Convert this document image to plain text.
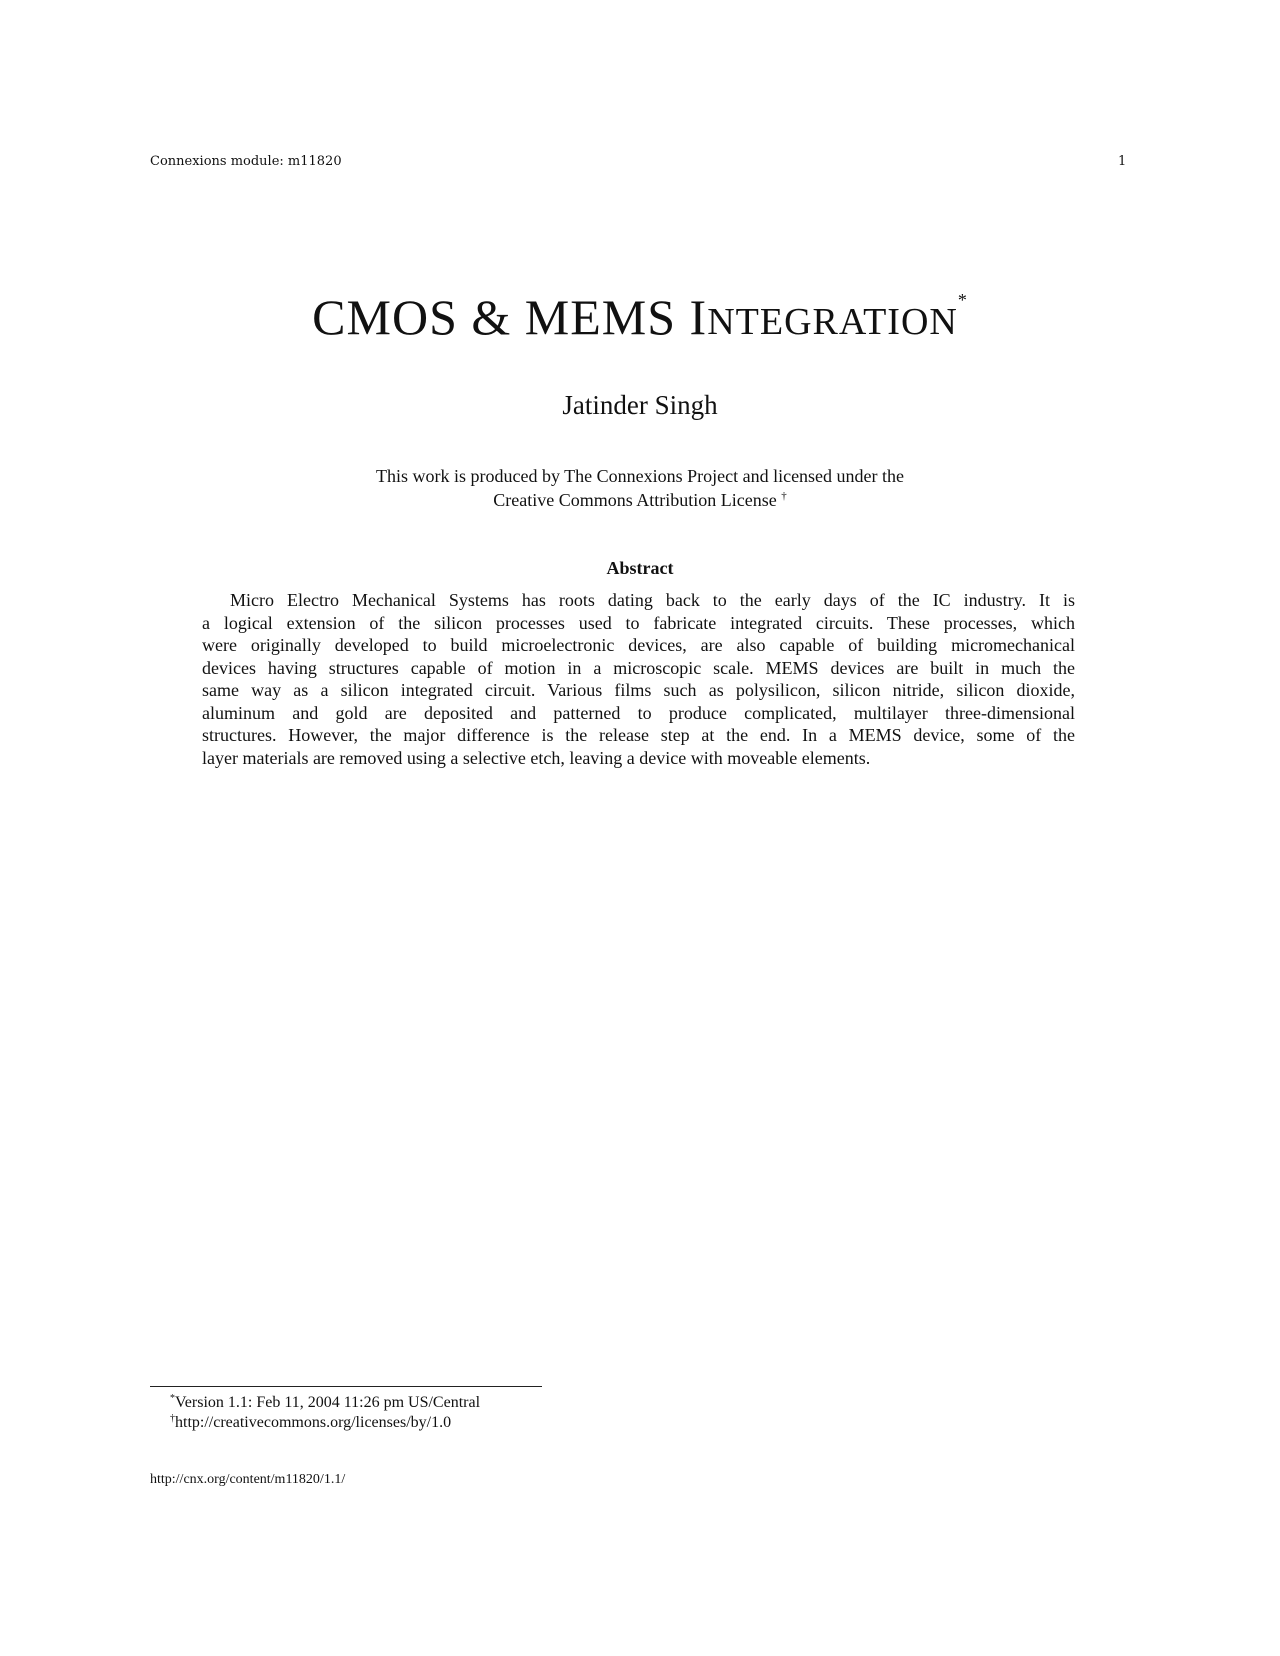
Connexions module: m11820	1
CMOS & MEMS INTEGRATION*
Jatinder Singh
This work is produced by The Connexions Project and licensed under the
Creative Commons Attribution License †
Abstract
Micro Electro Mechanical Systems has roots dating back to the early days of the IC industry. It is
a logical extension of the silicon processes used to fabricate integrated circuits. These processes, which
were originally developed to build microelectronic devices, are also capable of building micromechanical
devices having structures capable of motion in a microscopic scale. MEMS devices are built in much the
same way as a silicon integrated circuit. Various films such as polysilicon, silicon nitride, silicon dioxide,
aluminum and gold are deposited and patterned to produce complicated, multilayer three-dimensional
structures. However, the major difference is the release step at the end. In a MEMS device, some of the
layer materials are removed using a selective etch, leaving a device with moveable elements.
*Version 1.1: Feb 11, 2004 11:26 pm US/Central
†http://creativecommons.org/licenses/by/1.0
http://cnx.org/content/m11820/1.1/
